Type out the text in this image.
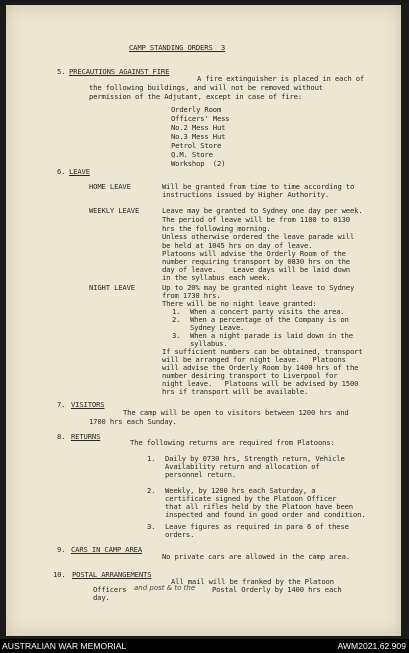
CAMP STANDING ORDERS  3
5. PRECAUTIONS AGAINST FIRE
A fire extinguisher is placed in each of
the following buildings, and will not be removed without
permission of the Adjutant, except in case of fire:
Orderly Room
Officers' Mess
No.2 Mess Hut
No.3 Mess Hut
Petrol Store
Q.M. Store
Workshop  (2)
6. LEAVE
HOME LEAVE	Will be granted from time to time according to
instructions issued by Higher Authority.
WEEKLY LEAVE	Leave may be granted to Sydney one day per week.
The period of leave will be from 1100 to 0130
hrs the following morning.
Unless otherwise ordered the leave parade will
be held at 1045 hrs on day of leave.
Platoons will advise the Orderly Room of the
number requiring transport by 0830 hrs on the
day of leave.    Leave days will be laid down
in the syllabus each week.
NIGHT LEAVE	Up to 20% may be granted night leave to Sydney
from 1730 hrs.
There will be no night leave granted:
1. When a concert party visits the area.
2. When a percentage of the Company is on
Sydney Leave.
3. When a night parade is laid down in the
syllabus.
If sufficient numbers can be obtained, transport
will be arranged for night leave.   Platoons
will advise the Orderly Room by 1400 hrs of the
number desiring transport to Liverpool for
night leave.   Platoons will be advised by 1500
hrs if transport will be available.
7. VISITORS
The camp will be open to visitors between 1200 hrs and
1700 hrs each Sunday.
8. RETURNS
The following returns are required from Platoons:
1. Daily by 0730 hrs, Strength return, Vehicle
Availability return and allocation of
personnel return.
2. Weekly, by 1200 hrs each Saturday, a
certificate signed by the Platoon Officer
that all rifles held by the Platoon have been
inspected and found in good order and condition.
3. Leave figures as required in para 6 of these
orders.
9. CARS IN CAMP AREA
No private cars are allowed in the camp area.
10. POSTAL ARRANGEMENTS
All mail will be franked by the Platoon
Officers and post & to the Postal Orderly by 1400 hrs each
day.
AUSTRALIAN WAR MEMORIAL	AWM2021.62.909
